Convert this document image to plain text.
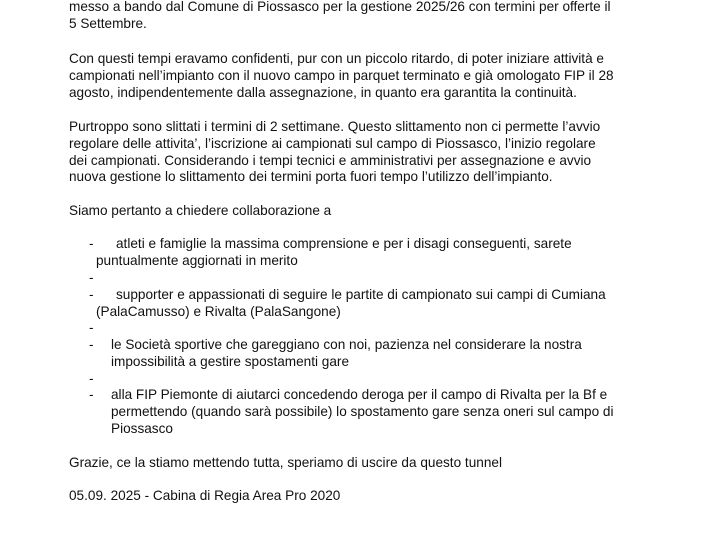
messo a bando dal Comune di Piossasco per la gestione 2025/26 con termini per offerte il
5 Settembre.
Con questi tempi eravamo confidenti, pur con un piccolo ritardo, di poter iniziare attività e
campionati nell’impianto con il nuovo campo in parquet terminato e già omologato FIP il 28
agosto, indipendentemente dalla assegnazione, in quanto era garantita la continuità.
Purtroppo sono slittati i termini di 2 settimane. Questo slittamento non ci permette l’avvio
regolare delle attivita’, l’iscrizione ai campionati sul campo di Piossasco, l’inizio regolare
dei campionati. Considerando i tempi tecnici e amministrativi per assegnazione e avvio
nuova gestione lo slittamento dei termini porta fuori tempo l’utilizzo dell’impianto.
Siamo pertanto a chiedere collaborazione a
-	atleti e famiglie la massima comprensione e per i disagi conseguenti, sarete
puntualmente aggiornati in merito
-
-	supporter e appassionati di seguire le partite di campionato sui campi di Cumiana
(PalaCamusso) e Rivalta (PalaSangone)
-
- le Società sportive che gareggiano con noi, pazienza nel considerare la nostra
impossibilità a gestire spostamenti gare
-
- alla FIP Piemonte di aiutarci concedendo deroga per il campo di Rivalta per la Bf e
permettendo (quando sarà possibile) lo spostamento gare senza oneri sul campo di
Piossasco
Grazie, ce la stiamo mettendo tutta, speriamo di uscire da questo tunnel
05.09. 2025 - Cabina di Regia Area Pro 2020
